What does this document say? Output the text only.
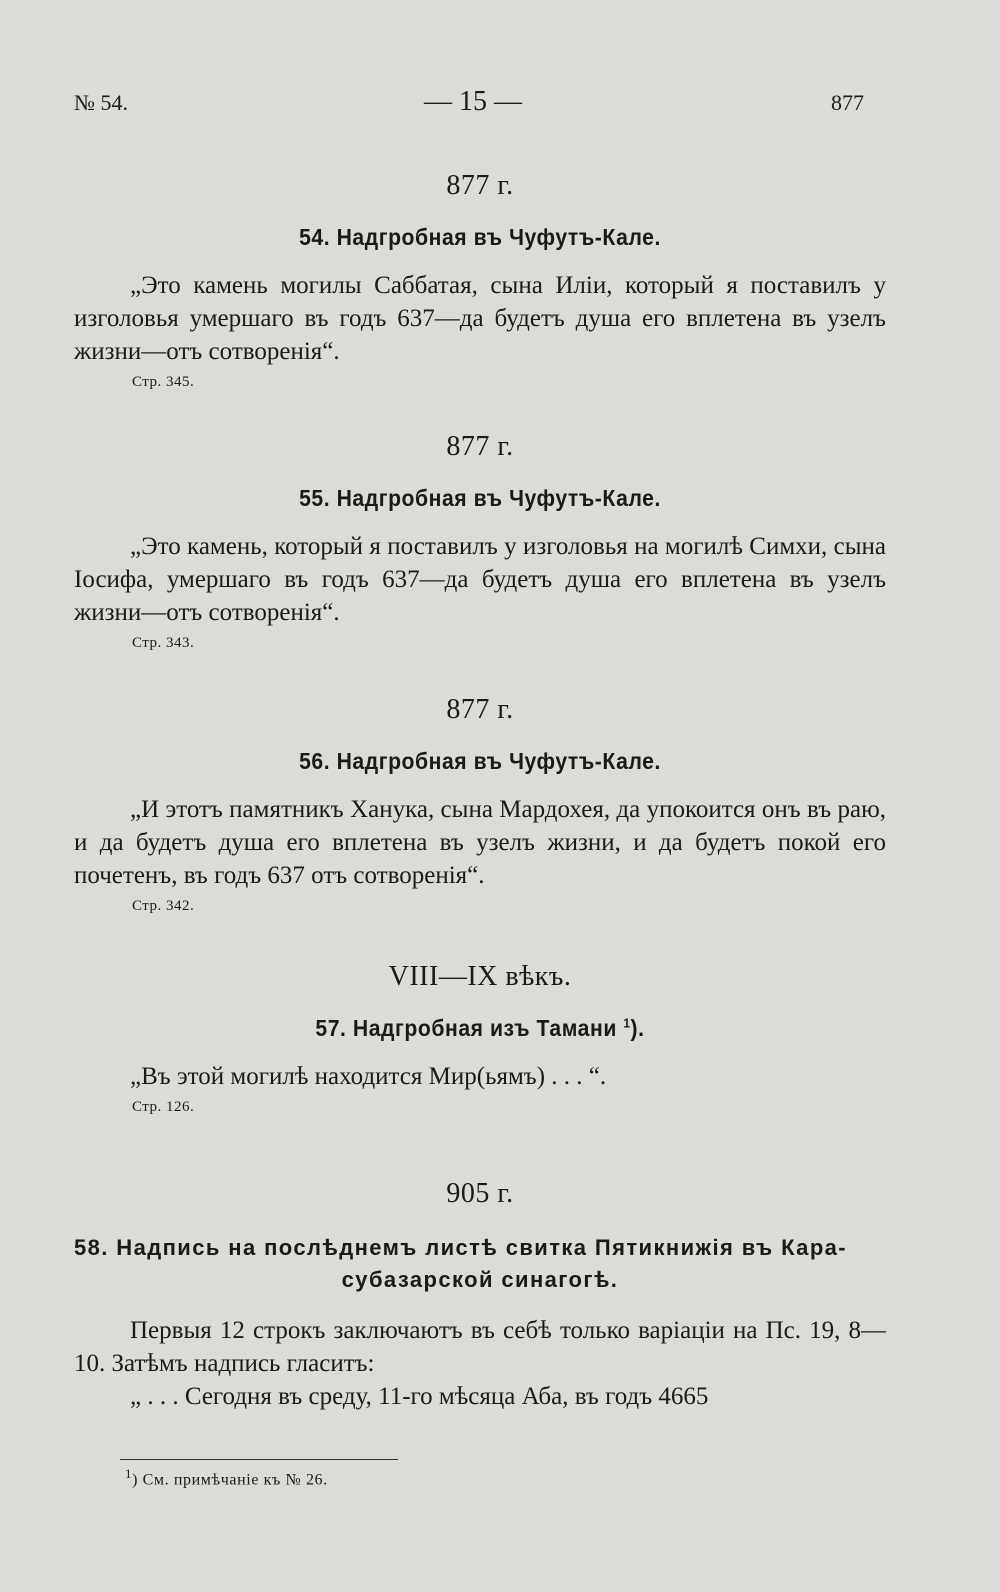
№ 54.	— 15 —	877
877 г.
54. Надгробная въ Чуфутъ-Кале.

„Это камень могилы Саббатая, сына Иліи, который я поставилъ у изголовья умершаго въ годъ 637—да будетъ душа его вплетена въ узелъ жизни—отъ сотворенія“.

Стр. 345.
877 г.
55. Надгробная въ Чуфутъ-Кале.

„Это камень, который я поставилъ у изголовья на могилѣ Симхи, сына Іосифа, умершаго въ годъ 637—да будетъ душа его вплетена въ узелъ жизни—отъ сотворенія“.

Стр. 343.
877 г.
56. Надгробная въ Чуфутъ-Кале.

„И этотъ памятникъ Ханука, сына Мардохея, да упокоится онъ въ раю, и да будетъ душа его вплетена въ узелъ жизни, и да будетъ покой его почетенъ, въ годъ 637 отъ сотворенія“.

Стр. 342.
VIII—IX вѣкъ.
57. Надгробная изъ Тамани $^1$).

„Въ этой могилѣ находится Мир(ьямъ) . . . “.

Стр. 126.
905 г.
58. Надпись на послѣднемъ листѣ свитка Пятикнижія въ Кара-
субазарской синагогѣ.

Первыя 12 строкъ заключаютъ въ себѣ только варіаціи на Пс. 19, 8—10. Затѣмъ надпись гласитъ:

„ . . . Сегодня въ среду, 11-го мѣсяца Аба, въ годъ 4665

$^1$) См. примѣчаніе къ № 26.
